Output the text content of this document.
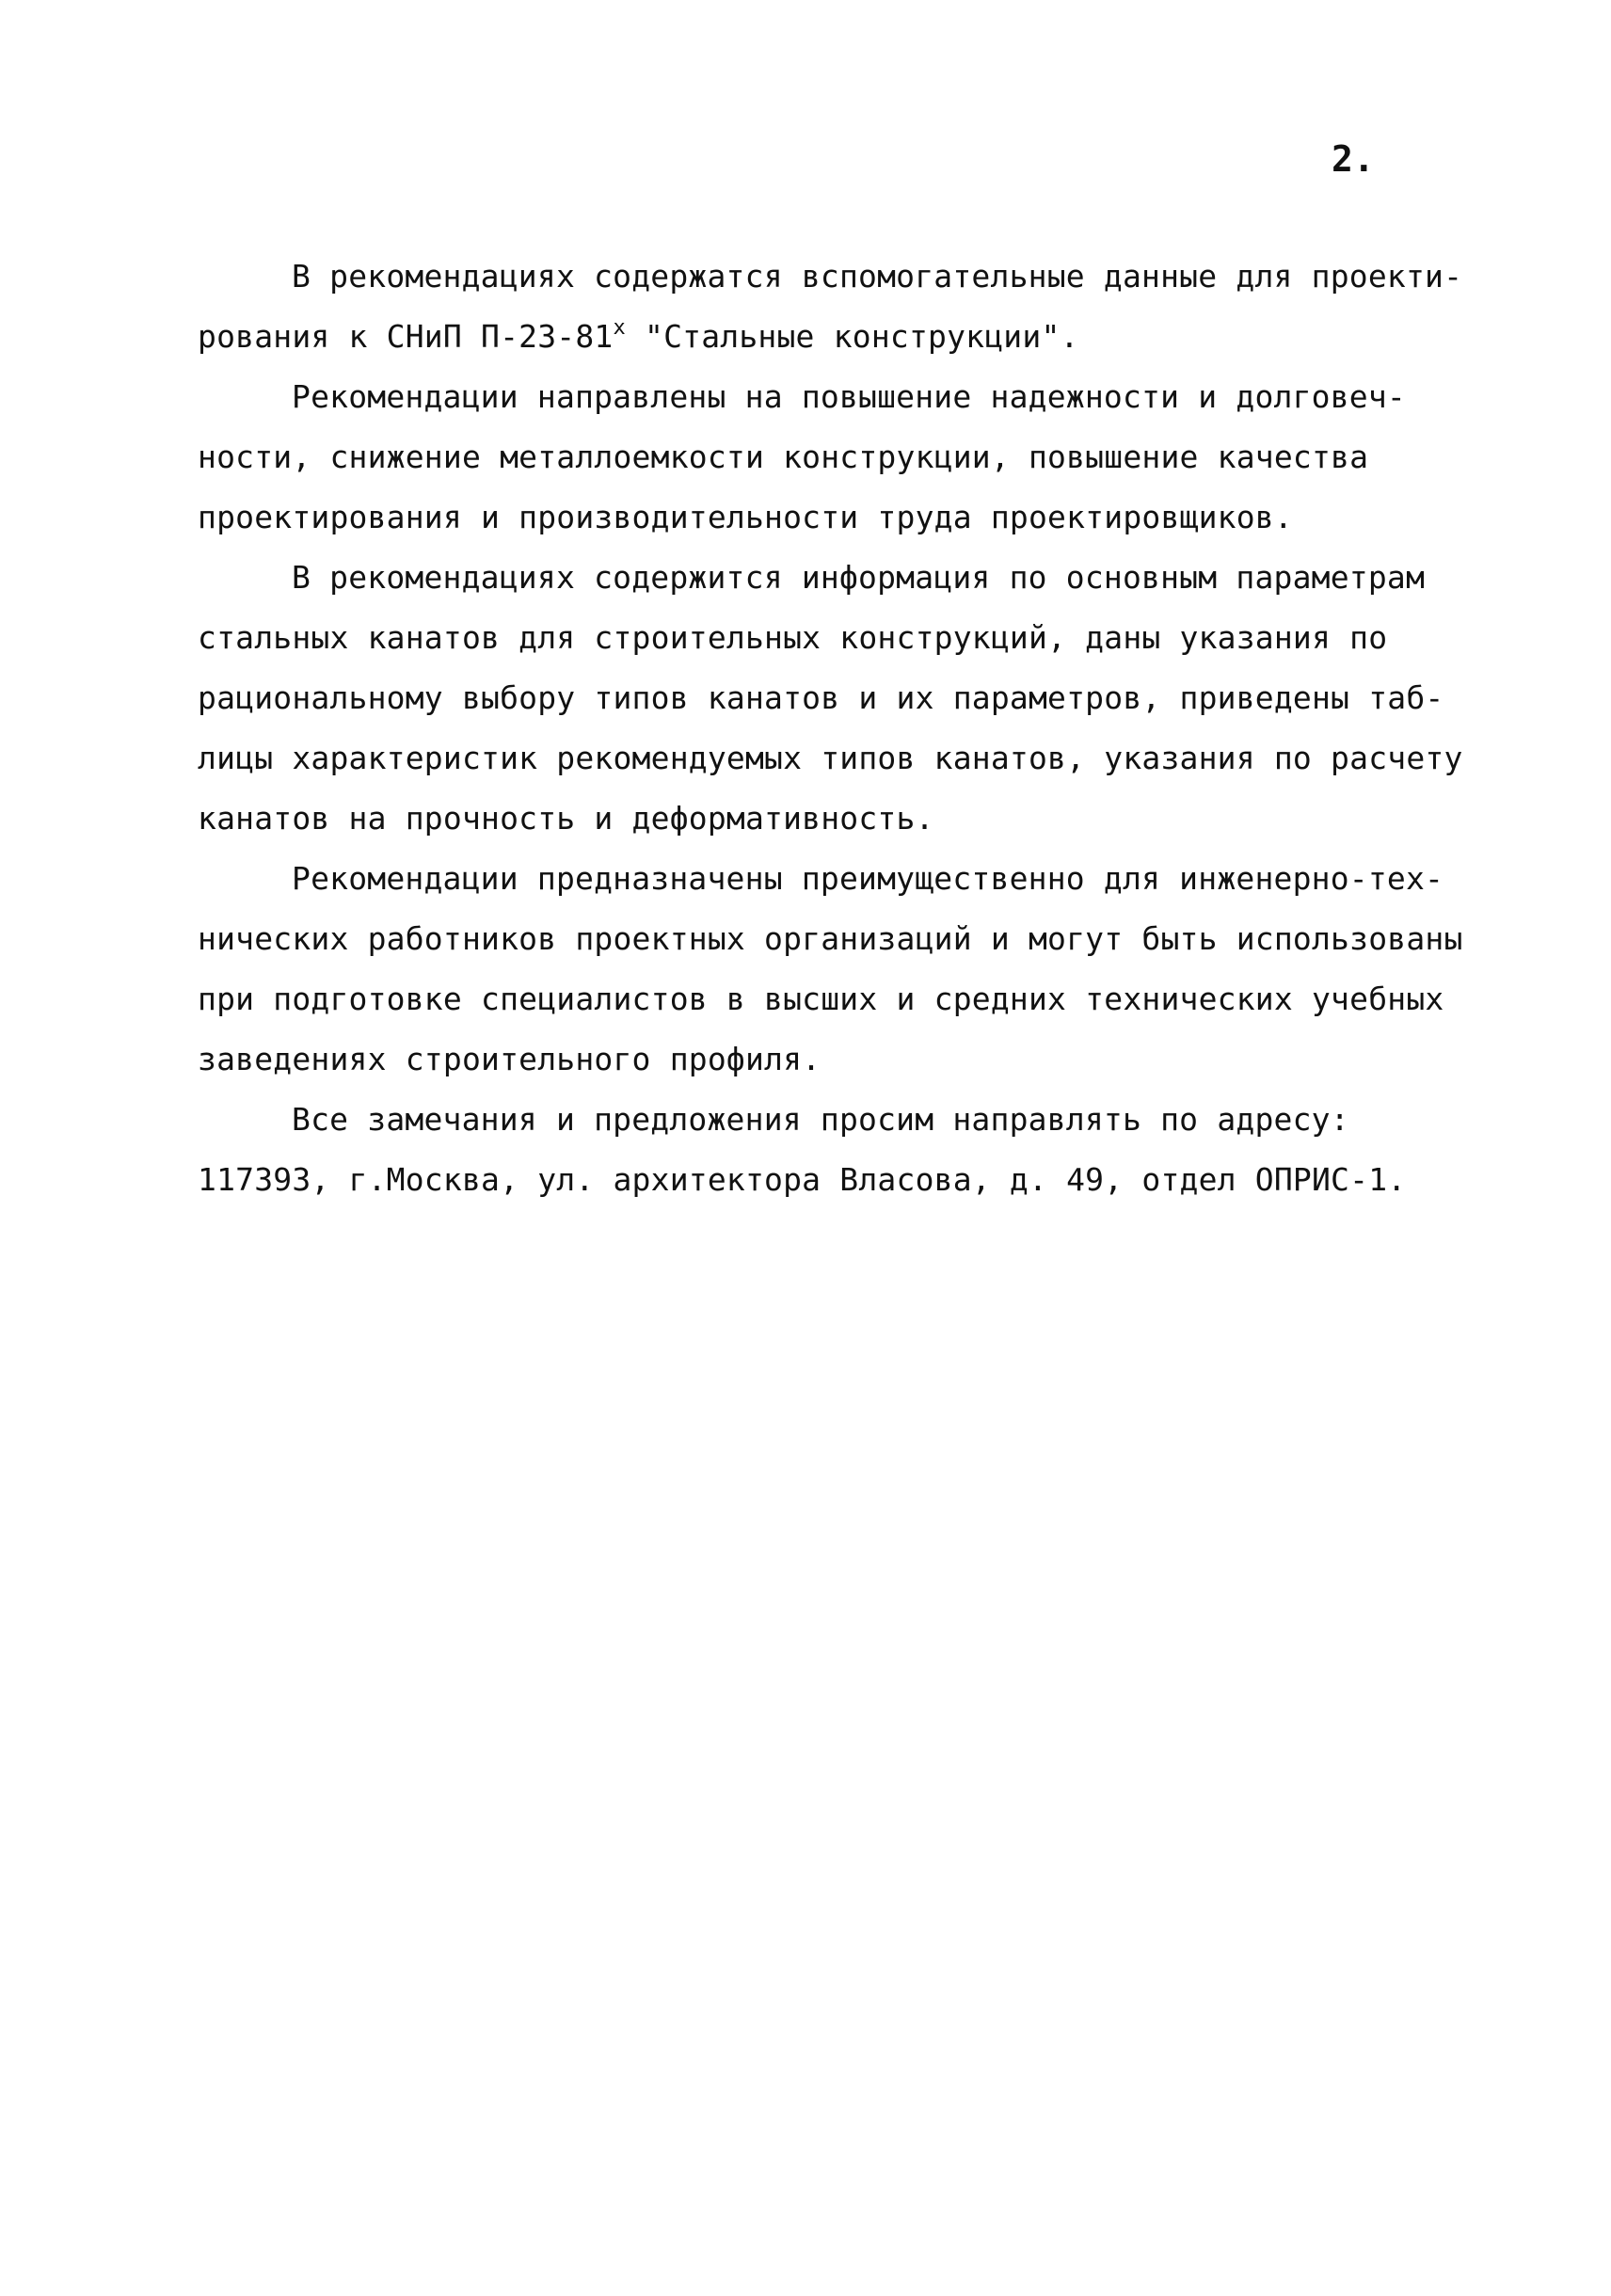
2.
В рекомендациях содержатся вспомогательные данные для проекти-
рования к СНиП $П-23-81^х$ "Стальные конструкции".
Рекомендации направлены на повышение надежности и долговеч-
ности, снижение металлоемкости конструкции, повышение качества
проектирования и производительности труда проектировщиков.
В рекомендациях содержится информация по основным параметрам
стальных канатов для строительных конструкций, даны указания по
рациональному выбору типов канатов и их параметров, приведены таб-
лицы характеристик рекомендуемых типов канатов, указания по расчету
канатов на прочность и деформативность.
Рекомендации предназначены преимущественно для инженерно-тех-
нических работников проектных организаций и могут быть использованы
при подготовке специалистов в высших и средних технических учебных
заведениях строительного профиля.
Все замечания и предложения просим направлять по адресу:
117393, г.Москва, ул. архитектора Власова, д. 49, отдел ОПРИС-1.
